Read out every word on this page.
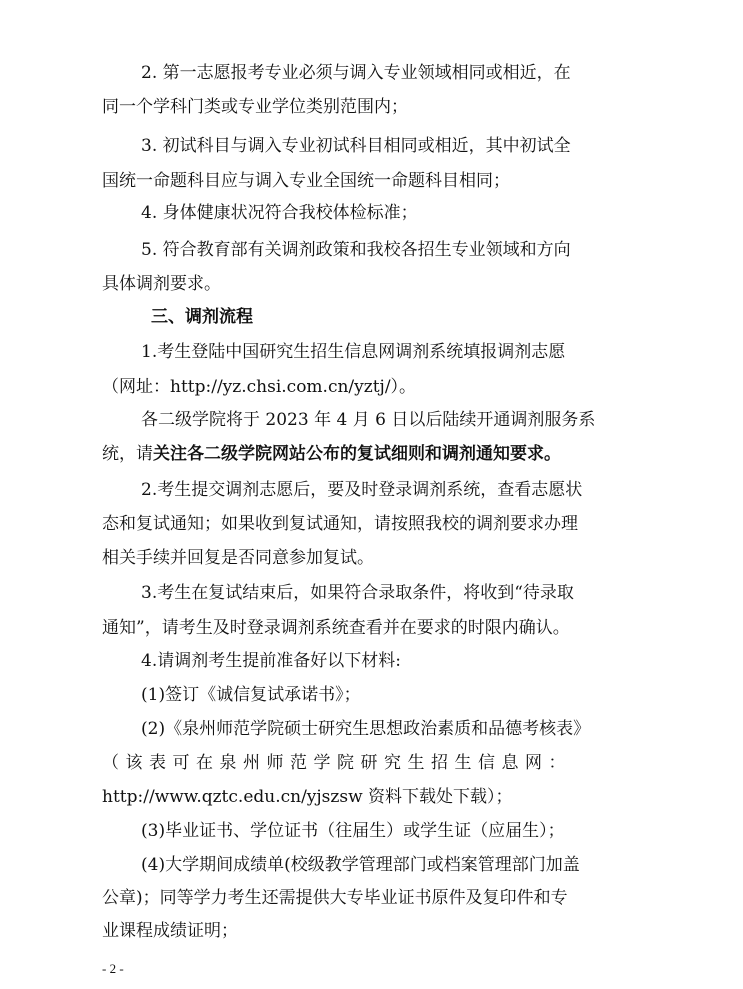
2. 第一志愿报考专业必须与调入专业领域相同或相近，在
同一个学科门类或专业学位类别范围内；
3. 初试科目与调入专业初试科目相同或相近，其中初试全
国统一命题科目应与调入专业全国统一命题科目相同；
4. 身体健康状况符合我校体检标准；
5. 符合教育部有关调剂政策和我校各招生专业领域和方向
具体调剂要求。
三、调剂流程
1.考生登陆中国研究生招生信息网调剂系统填报调剂志愿
（网址：http://yz.chsi.com.cn/yztj/）。
各二级学院将于 2023 年 4 月 6 日以后陆续开通调剂服务系
统，请关注各二级学院网站公布的复试细则和调剂通知要求。
2.考生提交调剂志愿后，要及时登录调剂系统，查看志愿状
态和复试通知；如果收到复试通知，请按照我校的调剂要求办理
相关手续并回复是否同意参加复试。
3.考生在复试结束后，如果符合录取条件，将收到“待录取
通知”，请考生及时登录调剂系统查看并在要求的时限内确认。
4.请调剂考生提前准备好以下材料:
(1)签订《诚信复试承诺书》；
(2)《泉州师范学院硕士研究生思想政治素质和品德考核表》
（该表可在泉州师范学院研究生招生信息网：
http://www.qztc.edu.cn/yjszsw 资料下载处下载）；
(3)毕业证书、学位证书（往届生）或学生证（应届生）；
(4)大学期间成绩单(校级教学管理部门或档案管理部门加盖
公章)；同等学力考生还需提供大专毕业证书原件及复印件和专
业课程成绩证明；
- 2 -
